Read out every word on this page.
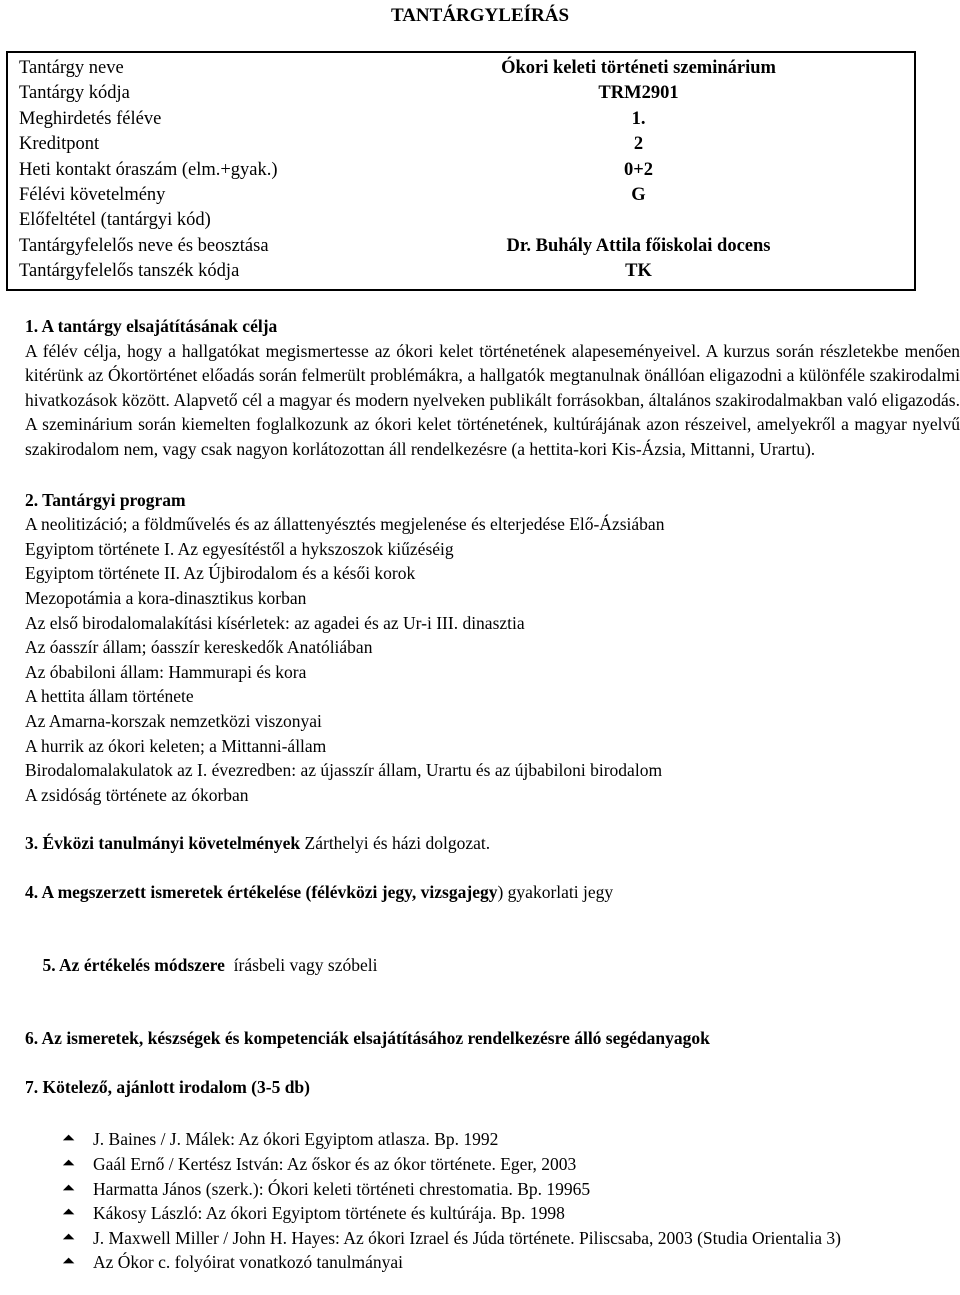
TANTÁRGYLEÍRÁS
Tantárgy neve	Ókori keleti történeti szeminárium
Tantárgy kódja	TRM2901
Meghirdetés féléve	1.
Kreditpont	2
Heti kontakt óraszám (elm.+gyak.)	0+2
Félévi követelmény	G
Előfeltétel (tantárgyi kód)
Tantárgyfelelős neve és beosztása	Dr. Buhály Attila főiskolai docens
Tantárgyfelelős tanszék kódja	TK
1. A tantárgy elsajátításának célja

A félév célja, hogy a hallgatókat megismertesse az ókori kelet történetének alapeseményeivel. A kurzus során részletekbe menően kitérünk az Ókortörténet előadás során felmerült problémákra, a hallgatók megtanulnak önállóan eligazodni a különféle szakirodalmi hivatkozások között. Alapvető cél a magyar és modern nyelveken publikált forrásokban, általános szakirodalmakban való eligazodás. A szeminárium során kiemelten foglalkozunk az ókori kelet történetének, kultúrájának azon részeivel, amelyekről a magyar nyelvű szakirodalom nem, vagy csak nagyon korlátozottan áll rendelkezésre (a hettita-kori Kis-Ázsia, Mittanni, Urartu).

2. Tantárgyi program
A neolitizáció; a földművelés és az állattenyésztés megjelenése és elterjedése Elő-Ázsiában
Egyiptom története I. Az egyesítéstől a hykszoszok kiűzéséig
Egyiptom története II. Az Újbirodalom és a késői korok
Mezopotámia a kora-dinasztikus korban
Az első birodalomalakítási kísérletek: az agadei és az Ur-i III. dinasztia
Az óasszír állam; óasszír kereskedők Anatóliában
Az óbabiloni állam: Hammurapi és kora
A hettita állam története
Az Amarna-korszak nemzetközi viszonyai
A hurrik az ókori keleten; a Mittanni-állam
Birodalomalakulatok az I. évezredben: az újasszír állam, Urartu és az újbabiloni birodalom
A zsidóság története az ókorban
3. Évközi tanulmányi követelmények Zárthelyi és házi dolgozat.
4. A megszerzett ismeretek értékelése (félévközi jegy, vizsgajegy) gyakorlati jegy

5. Az értékelés módszere  írásbeli vagy szóbeli

6. Az ismeretek, készségek és kompetenciák elsajátításához rendelkezésre álló segédanyagok
7. Kötelező, ajánlott irodalom (3-5 db)
⏶ J. Baines / J. Málek: Az ókori Egyiptom atlasza. Bp. 1992
⏶ Gaál Ernő / Kertész István: Az őskor és az ókor története. Eger, 2003
⏶ Harmatta János (szerk.): Ókori keleti történeti chrestomatia. Bp. 19965
⏶ Kákosy László: Az ókori Egyiptom története és kultúrája. Bp. 1998
⏶ J. Maxwell Miller / John H. Hayes: Az ókori Izrael és Júda története. Piliscsaba, 2003 (Studia Orientalia 3)
⏶ Az Ókor c. folyóirat vonatkozó tanulmányai
